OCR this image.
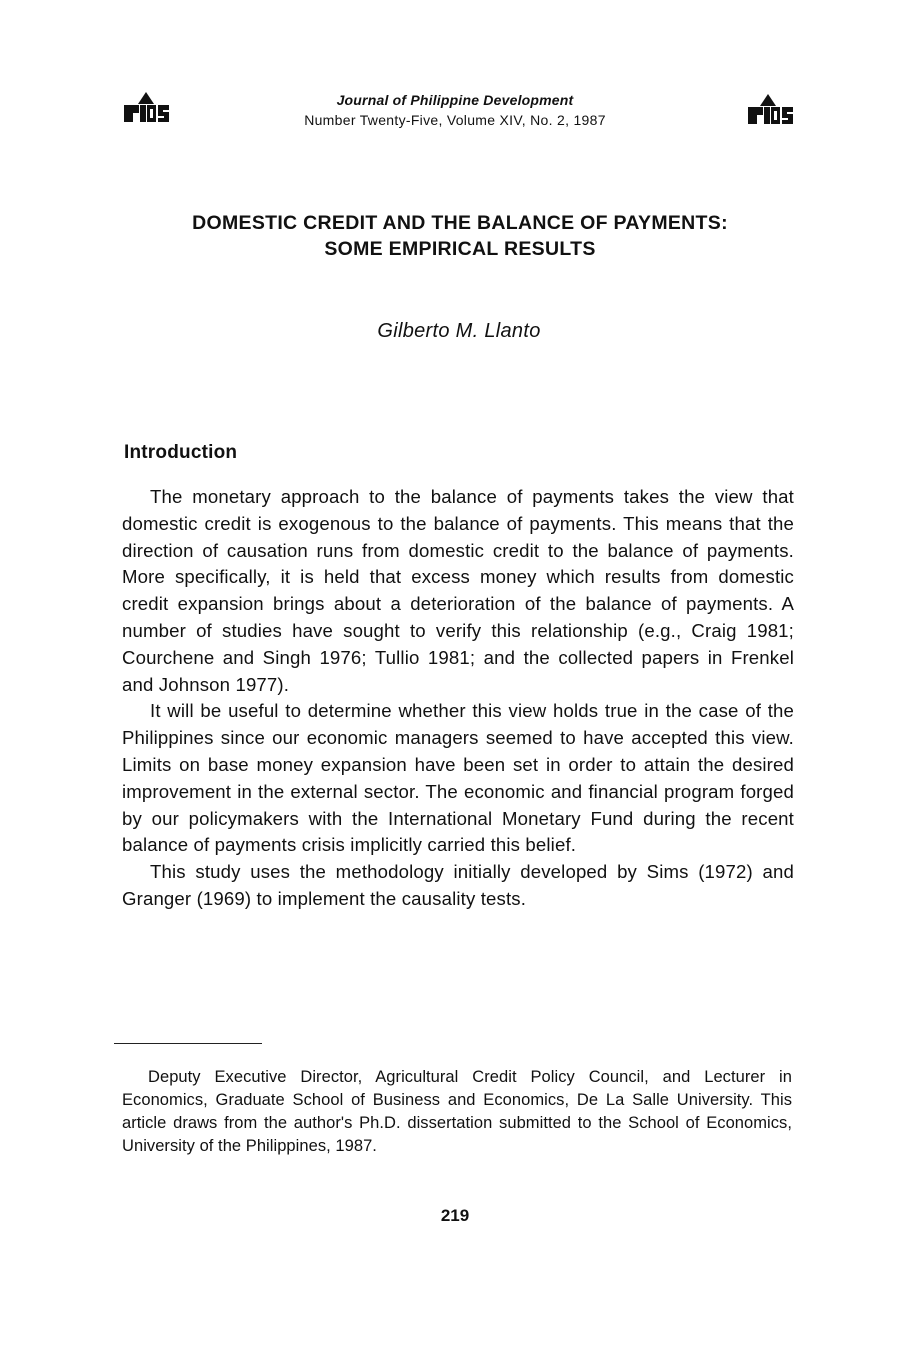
Journal of Philippine Development
Number Twenty-Five, Volume XIV, No. 2, 1987
DOMESTIC CREDIT AND THE BALANCE OF PAYMENTS:
SOME EMPIRICAL RESULTS
Gilberto M. Llanto
Introduction

The monetary approach to the balance of payments takes the view that domestic credit is exogenous to the balance of payments. This means that the direction of causation runs from domestic credit to the balance of payments. More specifically, it is held that excess money which results from domestic credit expansion brings about a deterioration of the balance of payments. A number of studies have sought to verify this relationship (e.g., Craig 1981; Courchene and Singh 1976; Tullio 1981; and the collected papers in Frenkel and Johnson 1977).

It will be useful to determine whether this view holds true in the case of the Philippines since our economic managers seemed to have accepted this view. Limits on base money expansion have been set in order to attain the desired improvement in the external sector. The economic and financial program forged by our policymakers with the International Monetary Fund during the recent balance of payments crisis implicitly carried this belief.

This study uses the methodology initially developed by Sims (1972) and Granger (1969) to implement the causality tests.

Deputy Executive Director, Agricultural Credit Policy Council, and Lecturer in Economics, Graduate School of Business and Economics, De La Salle University. This article draws from the author's Ph.D. dissertation submitted to the School of Economics, University of the Philippines, 1987.
219
